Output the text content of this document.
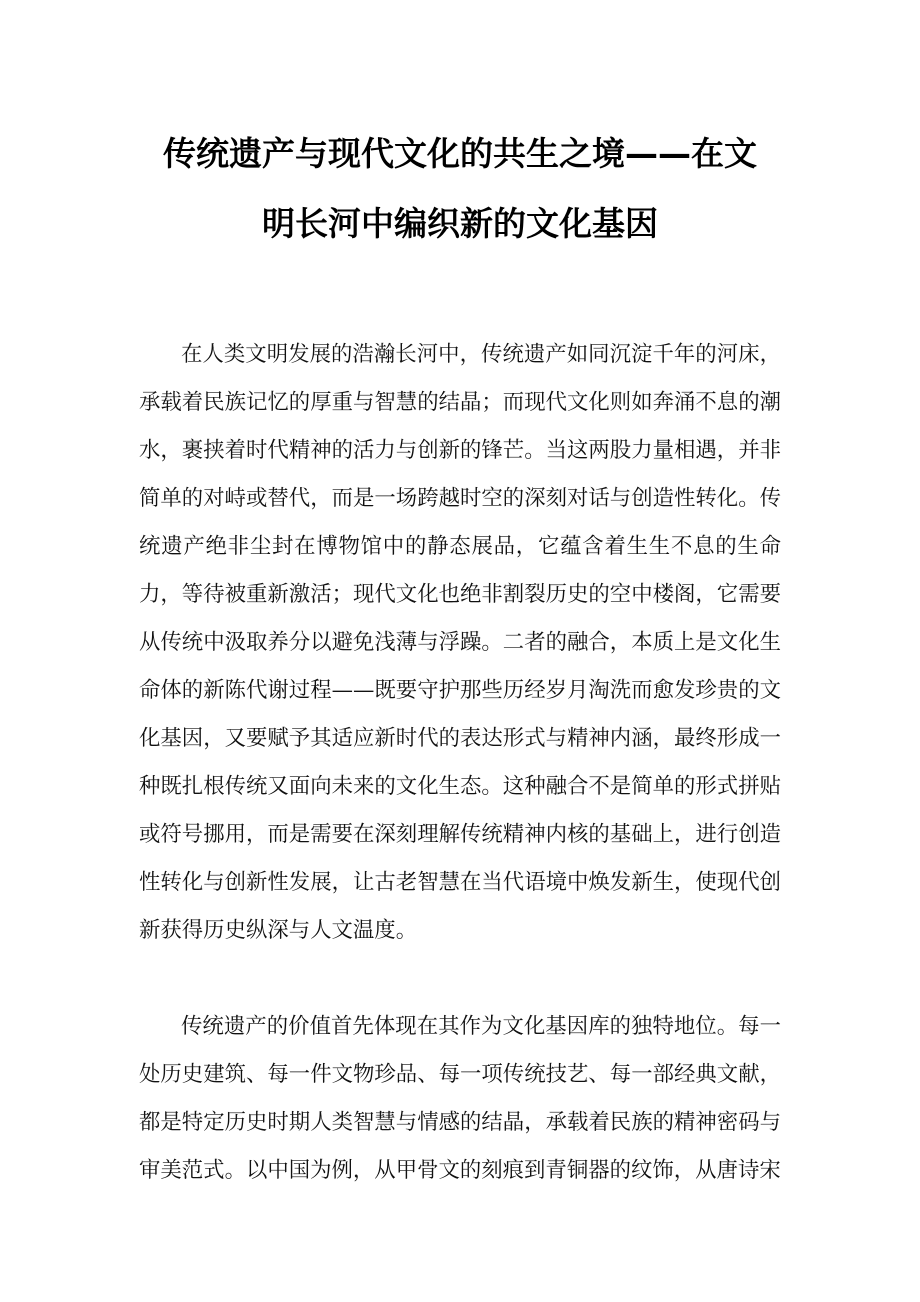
传统遗产与现代文化的共生之境——在文
明长河中编织新的文化基因

在人类文明发展的浩瀚长河中，传统遗产如同沉淀千年的河床，承载着民族记忆的厚重与智慧的结晶；而现代文化则如奔涌不息的潮水，裹挟着时代精神的活力与创新的锋芒。当这两股力量相遇，并非简单的对峙或替代，而是一场跨越时空的深刻对话与创造性转化。传统遗产绝非尘封在博物馆中的静态展品，它蕴含着生生不息的生命力，等待被重新激活；现代文化也绝非割裂历史的空中楼阁，它需要从传统中汲取养分以避免浅薄与浮躁。二者的融合，本质上是文化生命体的新陈代谢过程——既要守护那些历经岁月淘洗而愈发珍贵的文化基因，又要赋予其适应新时代的表达形式与精神内涵，最终形成一种既扎根传统又面向未来的文化生态。这种融合不是简单的形式拼贴或符号挪用，而是需要在深刻理解传统精神内核的基础上，进行创造性转化与创新性发展，让古老智慧在当代语境中焕发新生，使现代创新获得历史纵深与人文温度。

传统遗产的价值首先体现在其作为文化基因库的独特地位。每一处历史建筑、每一件文物珍品、每一项传统技艺、每一部经典文献，都是特定历史时期人类智慧与情感的结晶，承载着民族的精神密码与审美范式。以中国为例，从甲骨文的刻痕到青铜器的纹饰，从唐诗宋
